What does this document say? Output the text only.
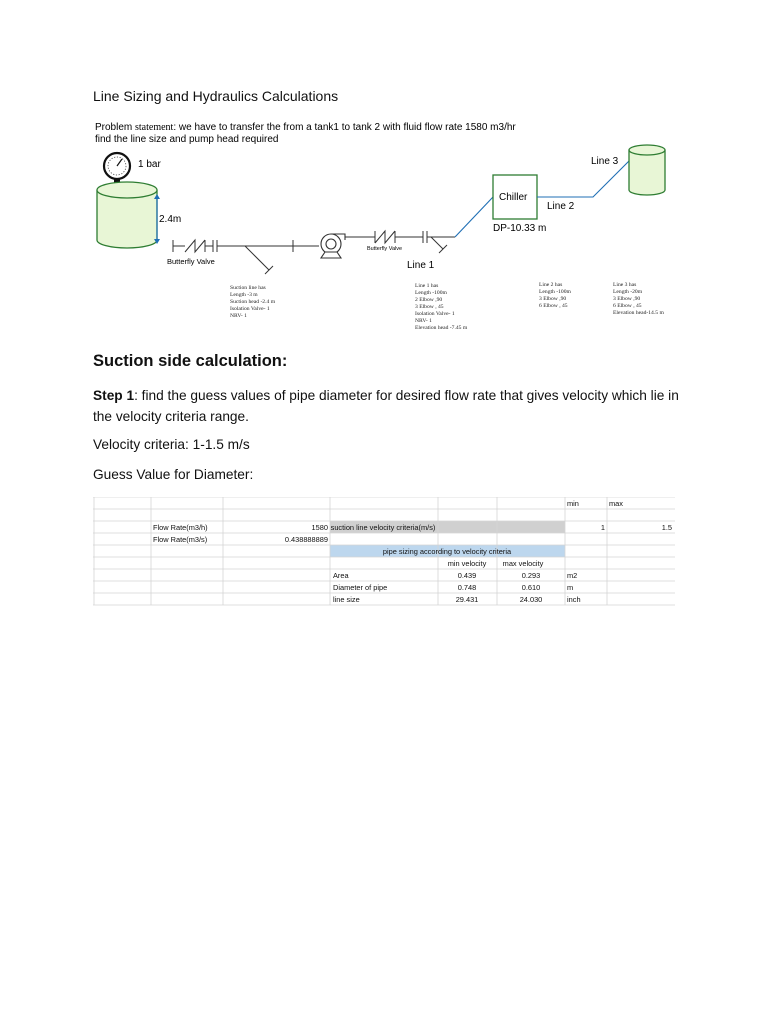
Line Sizing and Hydraulics Calculations
Problem statement: we have to transfer the from a tank1 to tank 2 with fluid flow rate 1580 m3/hr
find the line size and pump head required
1 bar
2.4m
Butterfly Valve
Butterfly Valve
Chiller
Line 2
DP-10.33 m
Line 3
Line 1
Suction line has
Length -3 m
Suction head -2.4 m
Isolation Valve- 1
NRV- 1
Line 1 has
Length -100m
2 Elbow ,90
3 Elbow , 45
Isolation Valve- 1
NRV- 1
Elevation head -7.45 m
Line 2 has
Length -100m
3 Elbow ,90
6 Elbow , 45
Line 3 has
Length -20m
3 Elbow ,90
6 Elbow , 45
Elevation head-14.5 m
Suction side calculation:
Step 1: find the guess values of pipe diameter for desired flow rate that gives velocity which lie in the velocity criteria range.
Velocity criteria: 1-1.5 m/s
Guess Value for Diameter:
min	max
Flow Rate(m3/h)	1580 suction line velocity criteria(m/s)	1	1.5
Flow Rate(m3/s)	0.438888889
pipe sizing according to velocity criteria
min velocity max velocity
Area	0.439	0.293	m2
Diameter of pipe	0.748	0.610	m
line size	29.431	24.030	inch
